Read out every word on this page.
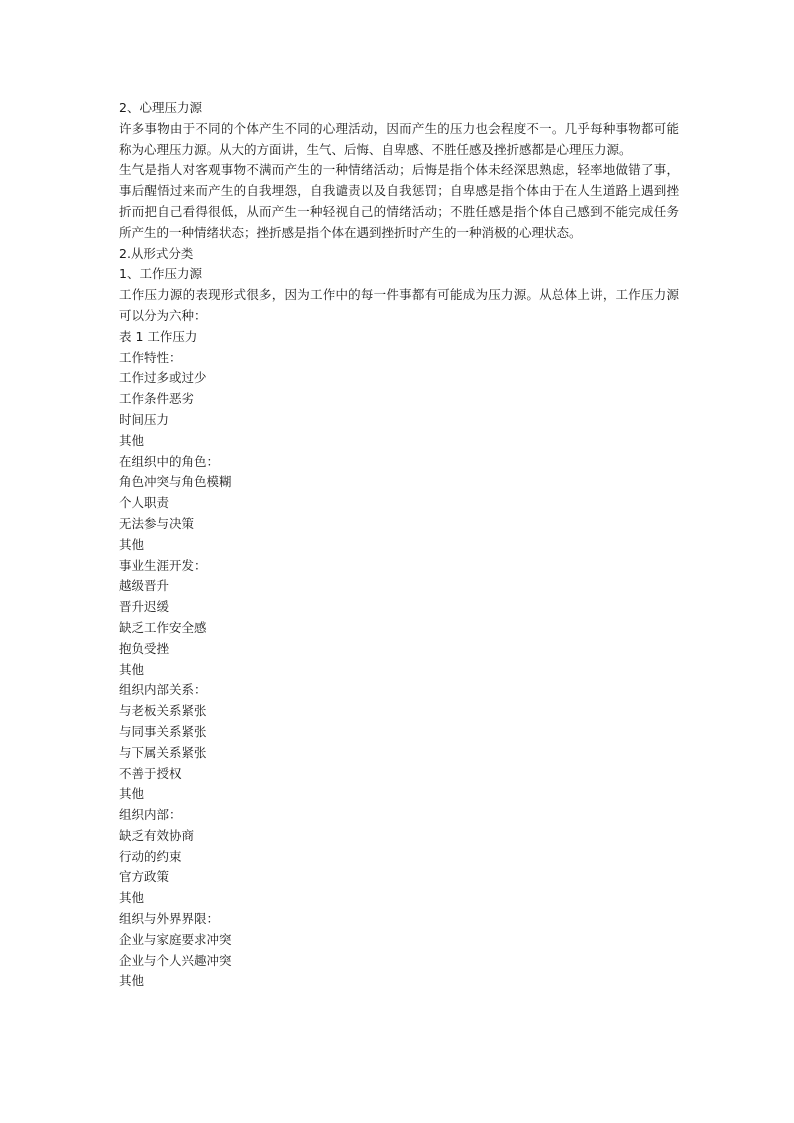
2、心理压力源

许多事物由于不同的个体产生不同的心理活动，因而产生的压力也会程度不一。几乎每种事物都可能称为心理压力源。从大的方面讲，生气、后悔、自卑感、不胜任感及挫折感都是心理压力源。

生气是指人对客观事物不满而产生的一种情绪活动；后悔是指个体未经深思熟虑，轻率地做错了事，事后醒悟过来而产生的自我埋怨，自我谴责以及自我惩罚；自卑感是指个体由于在人生道路上遇到挫折而把自己看得很低，从而产生一种轻视自己的情绪活动；不胜任感是指个体自己感到不能完成任务所产生的一种情绪状态；挫折感是指个体在遇到挫折时产生的一种消极的心理状态。

2.从形式分类

1、工作压力源

工作压力源的表现形式很多，因为工作中的每一件事都有可能成为压力源。从总体上讲，工作压力源可以分为六种：

表 1 工作压力

工作特性：

工作过多或过少

工作条件恶劣

时间压力

其他

在组织中的角色：

角色冲突与角色模糊

个人职责

无法参与决策

其他

事业生涯开发：

越级晋升

晋升迟缓

缺乏工作安全感

抱负受挫

其他

组织内部关系：

与老板关系紧张

与同事关系紧张

与下属关系紧张

不善于授权

其他

组织内部：

缺乏有效协商

行动的约束

官方政策

其他

组织与外界界限：

企业与家庭要求冲突

企业与个人兴趣冲突

其他
